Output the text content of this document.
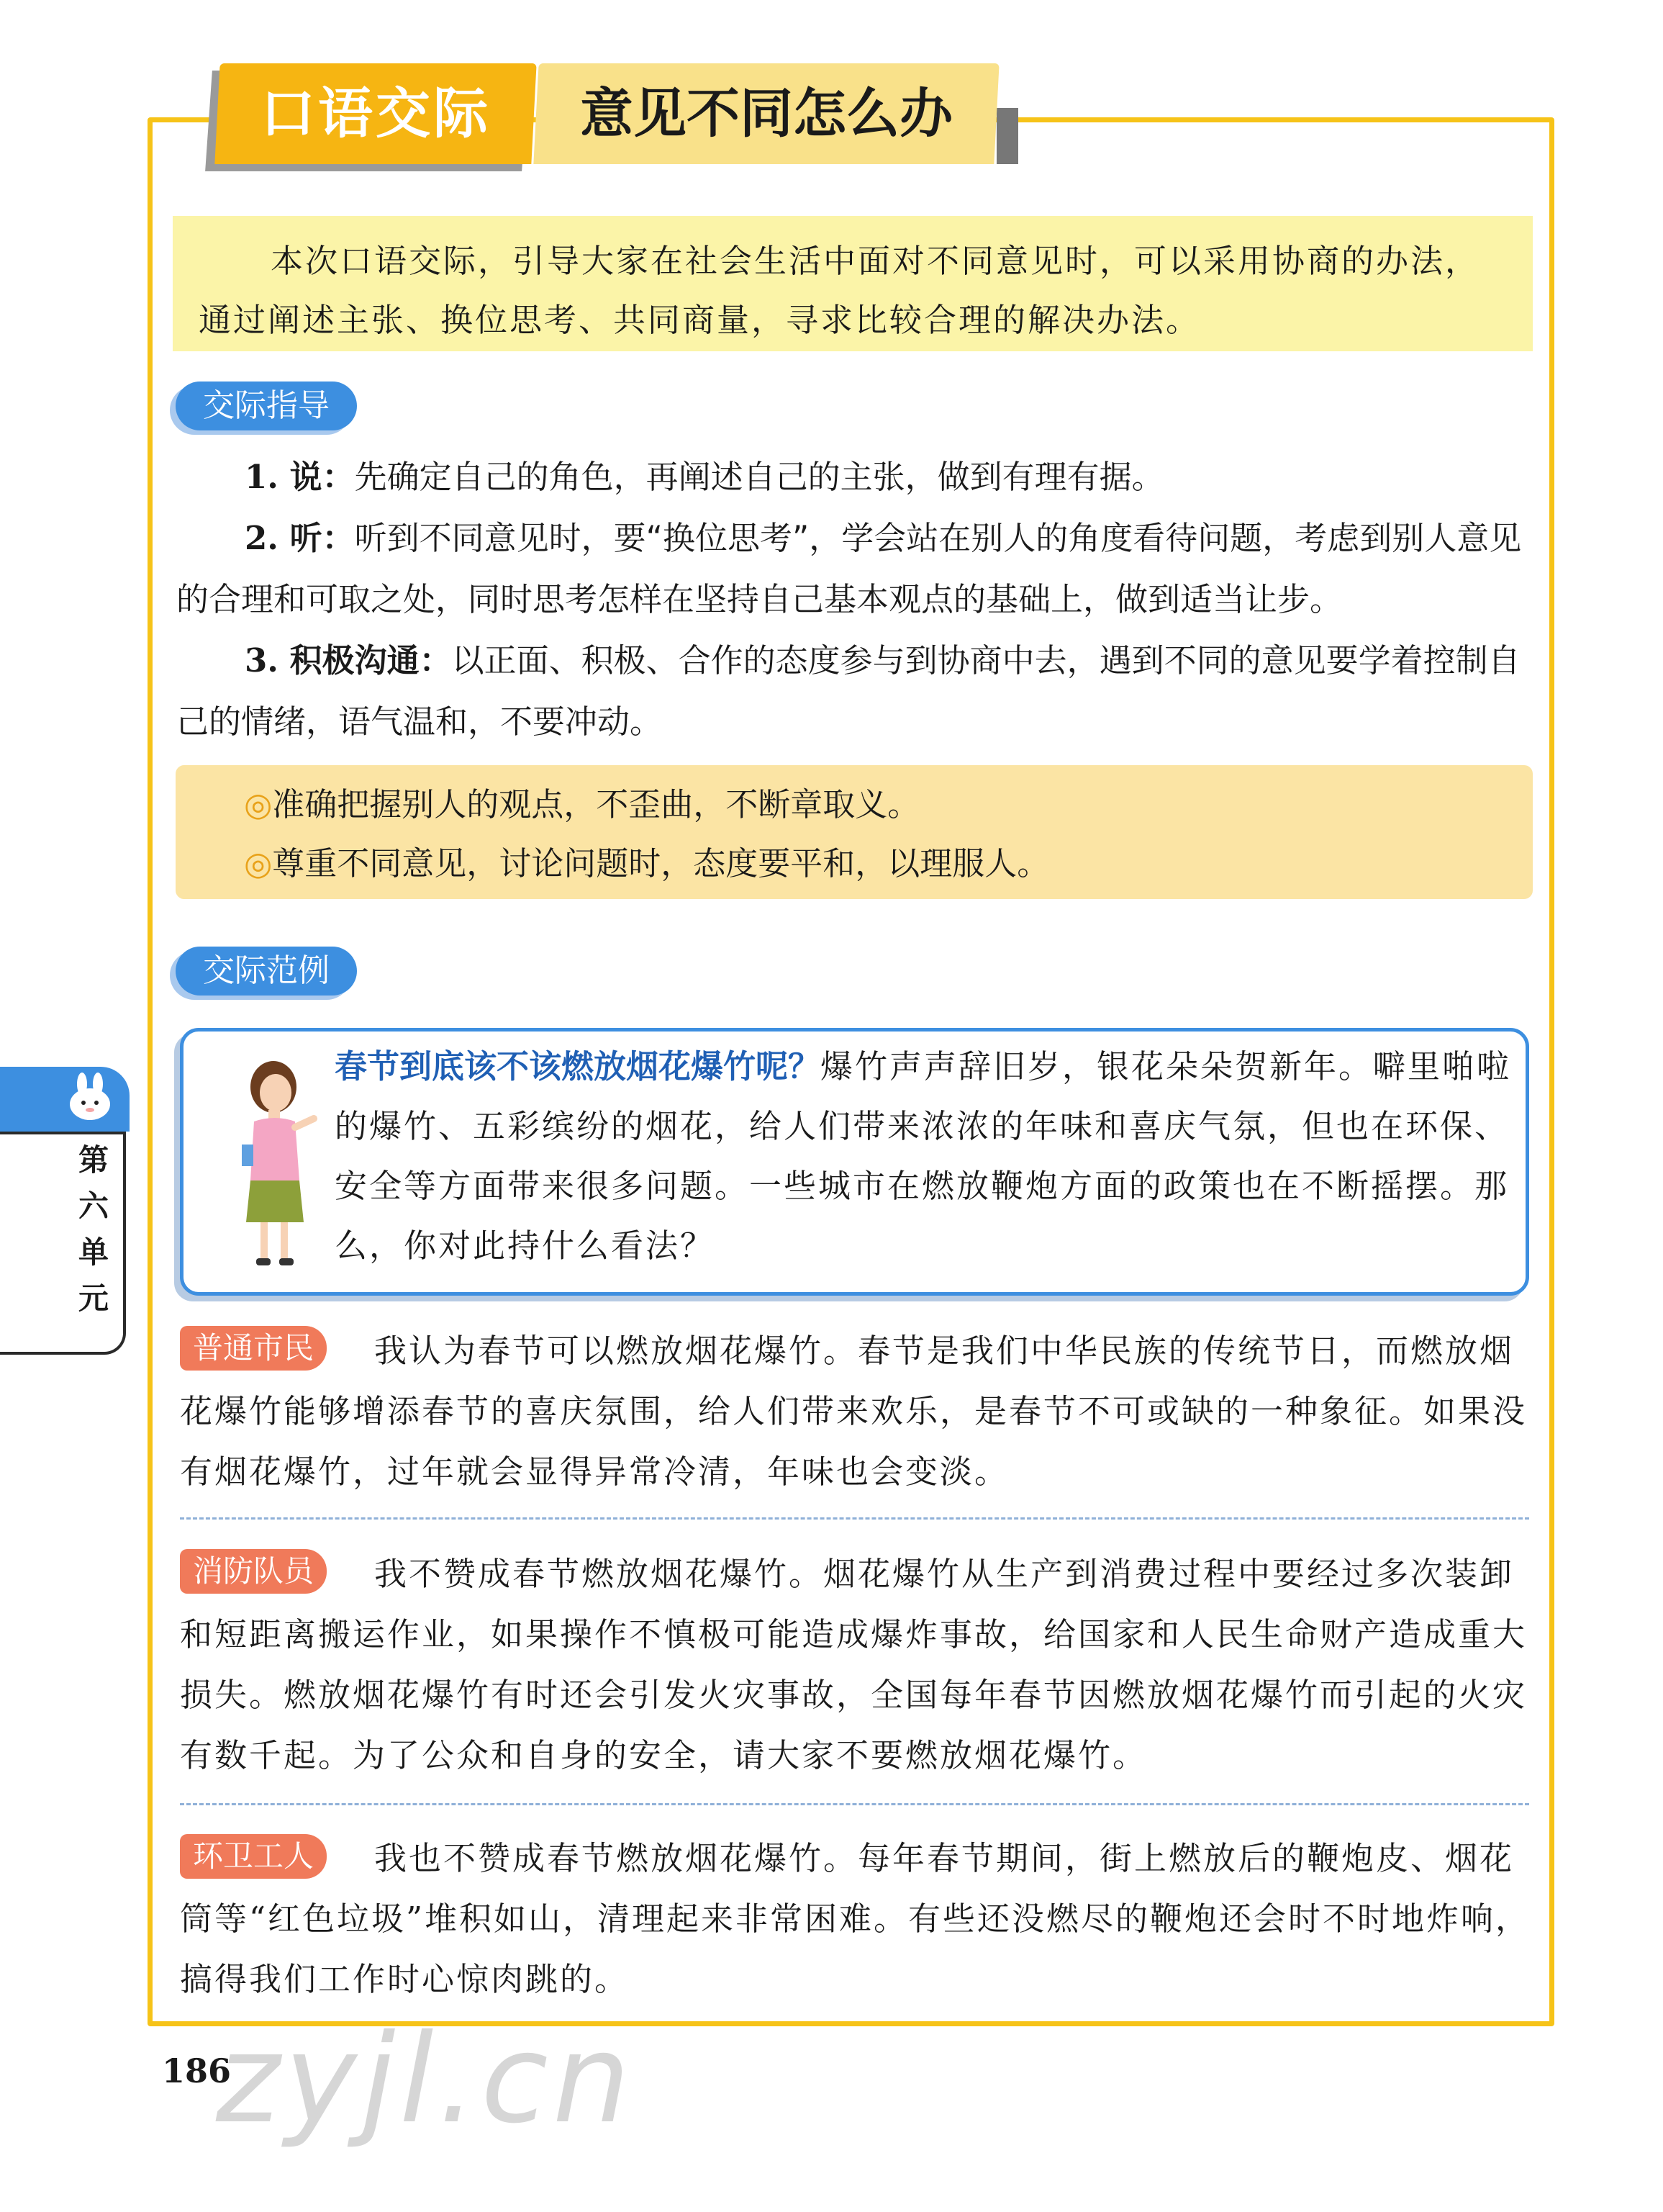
口语交际	意见不同怎么办

本次口语交际，引导大家在社会生活中面对不同意见时，可以采用协商的办法，通过阐述主张、换位思考、共同商量，寻求比较合理的解决办法。

交际指导
1. 说：先确定自己的角色，再阐述自己的主张，做到有理有据。
2. 听：听到不同意见时，要“换位思考”，学会站在别人的角度看待问题，考虑到别人意见的合理和可取之处，同时思考怎样在坚持自己基本观点的基础上，做到适当让步。
3. 积极沟通：以正面、积极、合作的态度参与到协商中去，遇到不同的意见要学着控制自己的情绪，语气温和，不要冲动。
◎准确把握别人的观点，不歪曲，不断章取义。
◎尊重不同意见，讨论问题时，态度要平和，以理服人。
交际范例
春节到底该不该燃放烟花爆竹呢？爆竹声声辞旧岁，银花朵朵贺新年。噼里啪啦的爆竹、五彩缤纷的烟花，给人们带来浓浓的年味和喜庆气氛，但也在环保、安全等方面带来很多问题。一些城市在燃放鞭炮方面的政策也在不断摇摆。那么，你对此持什么看法？
第六单元
我认为春节可以燃放烟花爆竹。春节是我们中华民族的传统节日，而燃放烟花爆竹能够增添春节的喜庆氛围，给人们带来欢乐，是春节不可或缺的一种象征。如果没有烟花爆竹，过年就会显得异常冷清，年味也会变淡。
普通市民
我不赞成春节燃放烟花爆竹。烟花爆竹从生产到消费过程中要经过多次装卸和短距离搬运作业，如果操作不慎极可能造成爆炸事故，给国家和人民生命财产造成重大损失。燃放烟花爆竹有时还会引发火灾事故，全国每年春节因燃放烟花爆竹而引起的火灾有数千起。为了公众和自身的安全，请大家不要燃放烟花爆竹。
消防队员
我也不赞成春节燃放烟花爆竹。每年春节期间，街上燃放后的鞭炮皮、烟花筒等“红色垃圾”堆积如山，清理起来非常困难。有些还没燃尽的鞭炮还会时不时地炸响，搞得我们工作时心惊肉跳的。
环卫工人
zyjl.cn
186
